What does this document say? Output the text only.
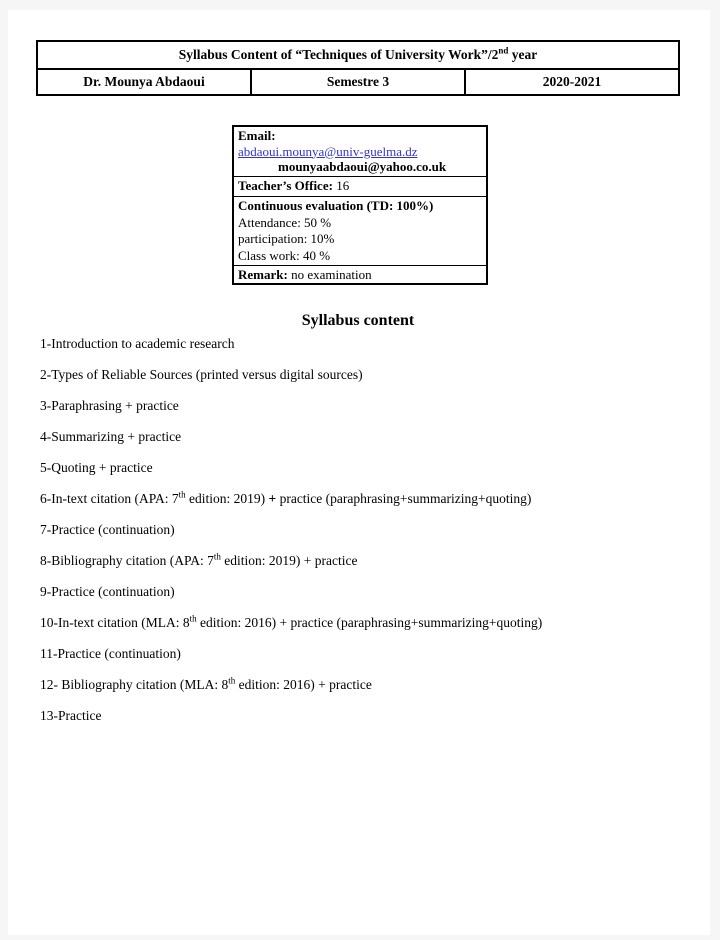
Syllabus Content of “Techniques of University Work”/2nd year
Dr. Mounya Abdaoui	Semestre 3	2020-2021
Email:
abdaoui.mounya@univ-guelma.dz
mounyaabdaoui@yahoo.co.uk
Teacher’s Office: 16
Continuous evaluation (TD: 100%)
Attendance: 50 %
participation: 10%
Class work: 40 %
Remark: no examination
Syllabus content

1-Introduction to academic research

2-Types of Reliable Sources (printed versus digital sources)

3-Paraphrasing + practice

4-Summarizing + practice

5-Quoting + practice

6-In-text citation (APA: 7th edition: 2019) + practice (paraphrasing+summarizing+quoting)

7-Practice (continuation)

8-Bibliography citation (APA: 7th edition: 2019) + practice

9-Practice (continuation)

10-In-text citation (MLA: 8th edition: 2016) + practice (paraphrasing+summarizing+quoting)

11-Practice (continuation)

12- Bibliography citation (MLA: 8th edition: 2016) + practice

13-Practice
